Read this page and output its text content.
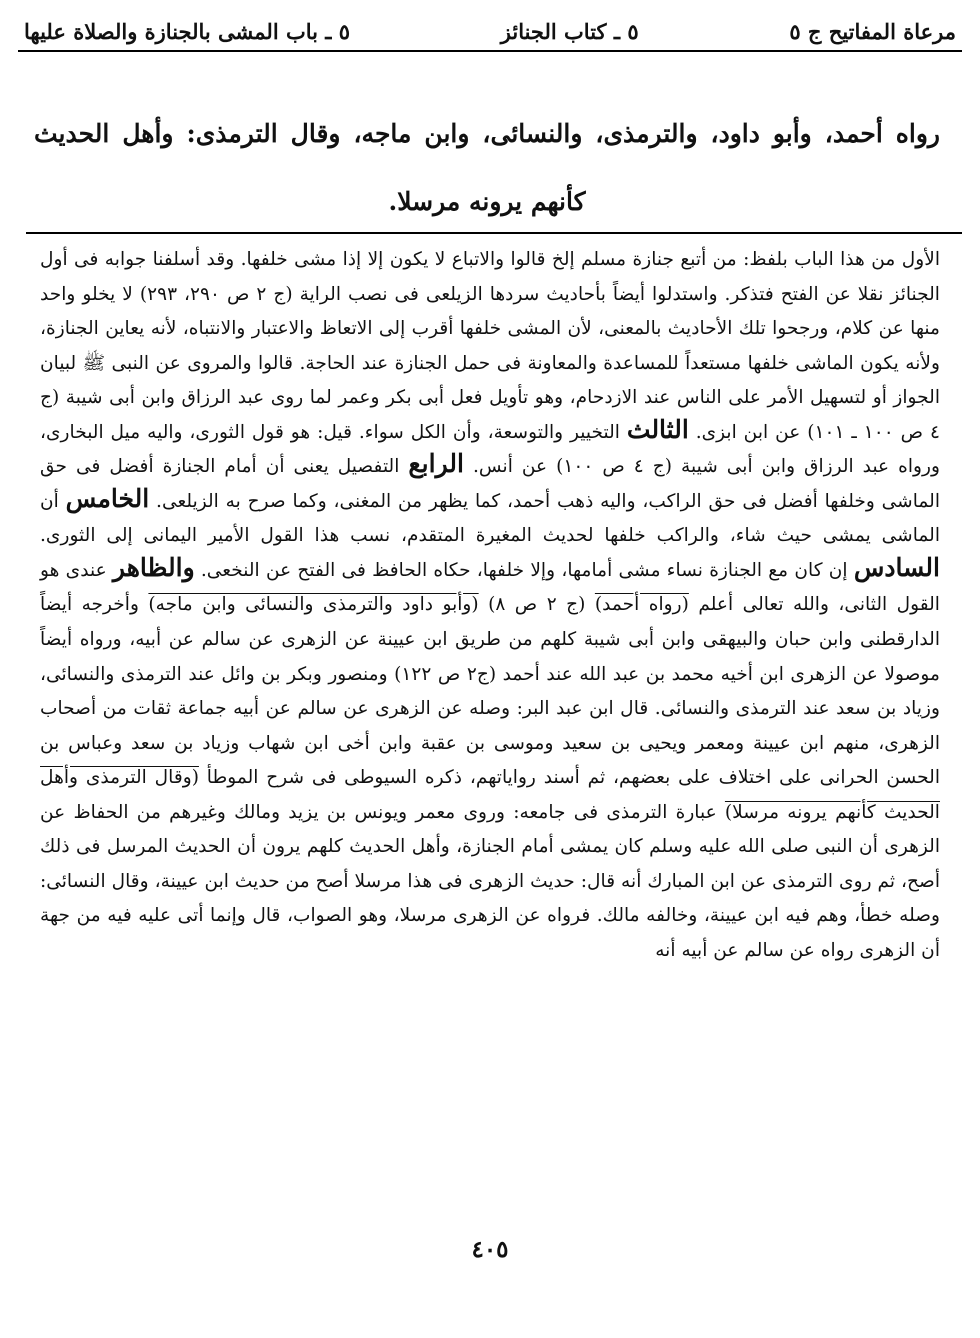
مرعاة المفاتيح ج ٥
٥ ـ كتاب الجنائز
٥ ـ باب المشى بالجنازة والصلاة عليها
رواه أحمد، وأبو داود، والترمذى، والنسائى، وابن ماجه، وقال الترمذى: وأهل الحديث كأنهم يرونه مرسلا.

الأول من هذا الباب بلفظ: من أتبع جنازة مسلم إلخ قالوا والاتباع لا يكون إلا إذا مشى خلفها. وقد أسلفنا جوابه فى أول الجنائز نقلا عن الفتح فتذكر. واستدلوا أيضاً بأحاديث سردها الزيلعى فى نصب الراية (ج ٢ ص ٢٩٠، ٢٩٣) لا يخلو واحد منها عن كلام، ورجحوا تلك الأحاديث بالمعنى، لأن المشى خلفها أقرب إلى الاتعاظ والاعتبار والانتباه، لأنه يعاين الجنازة، ولأنه يكون الماشى خلفها مستعداً للمساعدة والمعاونة فى حمل الجنازة عند الحاجة. قالوا والمروى عن النبى ﷺ لبيان الجواز أو لتسهيل الأمر على الناس عند الازدحام، وهو تأويل فعل أبى بكر وعمر لما روى عبد الرزاق وابن أبى شيبة (ج ٤ ص ١٠٠ ـ ١٠١) عن ابن ابزى. الثالث التخيير والتوسعة، وأن الكل سواء. قيل: هو قول الثورى، واليه ميل البخارى، ورواه عبد الرزاق وابن أبى شيبة (ج ٤ ص ١٠٠) عن أنس. الرابع التفصيل يعنى أن أمام الجنازة أفضل فى حق الماشى وخلفها أفضل فى حق الراكب، واليه ذهب أحمد، كما يظهر من المغنى، وكما صرح به الزيلعى. الخامس أن الماشى يمشى حيث شاء، والراكب خلفها لحديث المغيرة المتقدم، نسب هذا القول الأمير اليمانى إلى الثورى. السادس إن كان مع الجنازة نساء مشى أمامها، وإلا خلفها، حكاه الحافظ فى الفتح عن النخعى. والظاهر عندى هو القول الثانى، والله تعالى أعلم (رواه أحمد) (ج ٢ ص ٨) (وأبو داود والترمذى والنسائى وابن ماجه) وأخرجه أيضاً الدارقطنى وابن حبان والبيهقى وابن أبى شيبة كلهم من طريق ابن عيينة عن الزهرى عن سالم عن أبيه، ورواه أيضاً موصولا عن الزهرى ابن أخيه محمد بن عبد الله عند أحمد (ج٢ ص ١٢٢) ومنصور وبكر بن وائل عند الترمذى والنسائى، وزياد بن سعد عند الترمذى والنسائى. قال ابن عبد البر: وصله عن الزهرى عن سالم عن أبيه جماعة ثقات من أصحاب الزهرى، منهم ابن عيينة ومعمر ويحيى بن سعيد وموسى بن عقبة وابن أخى ابن شهاب وزياد بن سعد وعباس بن الحسن الحرانى على اختلاف على بعضهم، ثم أسند رواياتهم، ذكره السيوطى فى شرح الموطأ (وقال الترمذى وأهل الحديث كأنهم يرونه مرسلا) عبارة الترمذى فى جامعه: وروى معمر ويونس بن يزيد ومالك وغيرهم من الحفاظ عن الزهرى أن النبى صلى الله عليه وسلم كان يمشى أمام الجنازة، وأهل الحديث كلهم يرون أن الحديث المرسل فى ذلك أصح، ثم روى الترمذى عن ابن المبارك أنه قال: حديث الزهرى فى هذا مرسلا أصح من حديث ابن عيينة، وقال النسائى: وصله خطأ، وهم فيه ابن عيينة، وخالفه مالك. فرواه عن الزهرى مرسلا، وهو الصواب، قال وإنما أتى عليه فيه من جهة أن الزهرى رواه عن سالم عن أبيه أنه

٤٠٥
